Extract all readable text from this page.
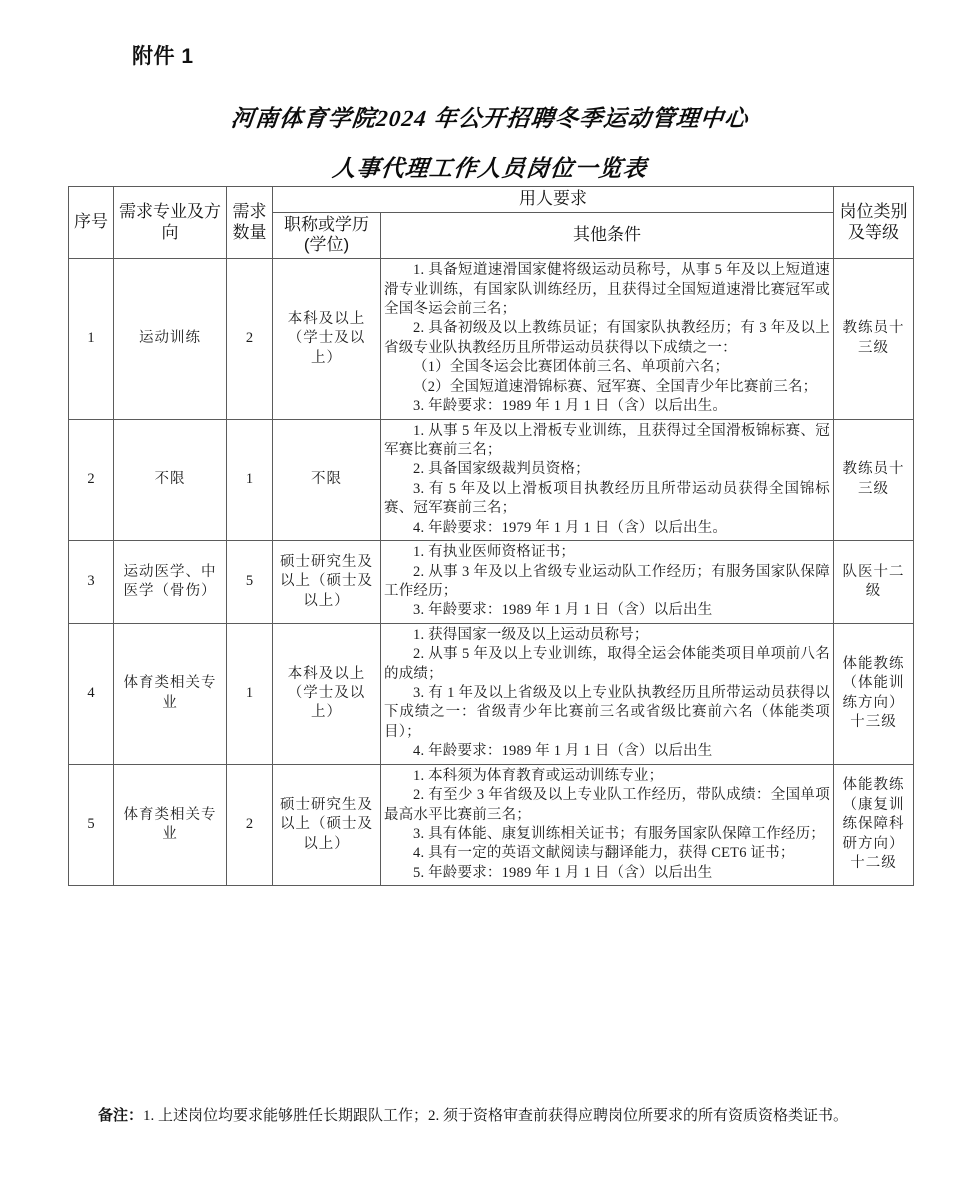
附件 1
河南体育学院2024 年公开招聘冬季运动管理中心
人事代理工作人员岗位一览表
序号	需求专业及方向	需求数量	用人要求		岗位类别及等级
			职称或学历(学位)	其他条件	
1	运动训练	2	本科及以上（学士及以上）	1. 具备短道速滑国家健将级运动员称号，从事 5 年及以上短道速滑专业训练，有国家队训练经历，且获得过全国短道速滑比赛冠军或全国冬运会前三名；
2. 具备初级及以上教练员证；有国家队执教经历；有 3 年及以上省级专业队执教经历且所带运动员获得以下成绩之一：
（1）全国冬运会比赛团体前三名、单项前六名；
（2）全国短道速滑锦标赛、冠军赛、全国青少年比赛前三名；
3. 年龄要求：1989 年 1 月 1 日（含）以后出生。	教练员十三级
2	不限	1	不限	1. 从事 5 年及以上滑板专业训练，且获得过全国滑板锦标赛、冠军赛比赛前三名；
2. 具备国家级裁判员资格；
3. 有 5 年及以上滑板项目执教经历且所带运动员获得全国锦标赛、冠军赛前三名；
4. 年龄要求：1979 年 1 月 1 日（含）以后出生。	教练员十三级
3	运动医学、中医学（骨伤）	5	硕士研究生及以上（硕士及以上）	1. 有执业医师资格证书；
2. 从事 3 年及以上省级专业运动队工作经历；有服务国家队保障工作经历；
3. 年龄要求：1989 年 1 月 1 日（含）以后出生	队医十二级
4	体育类相关专业	1	本科及以上（学士及以上）	1. 获得国家一级及以上运动员称号；
2. 从事 5 年及以上专业训练，取得全运会体能类项目单项前八名的成绩；
3. 有 1 年及以上省级及以上专业队执教经历且所带运动员获得以下成绩之一：省级青少年比赛前三名或省级比赛前六名（体能类项目）；
4. 年龄要求：1989 年 1 月 1 日（含）以后出生	体能教练（体能训练方向）十三级
5	体育类相关专业	2	硕士研究生及以上（硕士及以上）	1. 本科须为体育教育或运动训练专业；
2. 有至少 3 年省级及以上专业队工作经历，带队成绩：全国单项最高水平比赛前三名；
3. 具有体能、康复训练相关证书；有服务国家队保障工作经历；
4. 具有一定的英语文献阅读与翻译能力，获得 CET6 证书；
5. 年龄要求：1989 年 1 月 1 日（含）以后出生	体能教练（康复训练保障科研方向）十二级
备注：1. 上述岗位均要求能够胜任长期跟队工作；2. 须于资格审查前获得应聘岗位所要求的所有资质资格类证书。
